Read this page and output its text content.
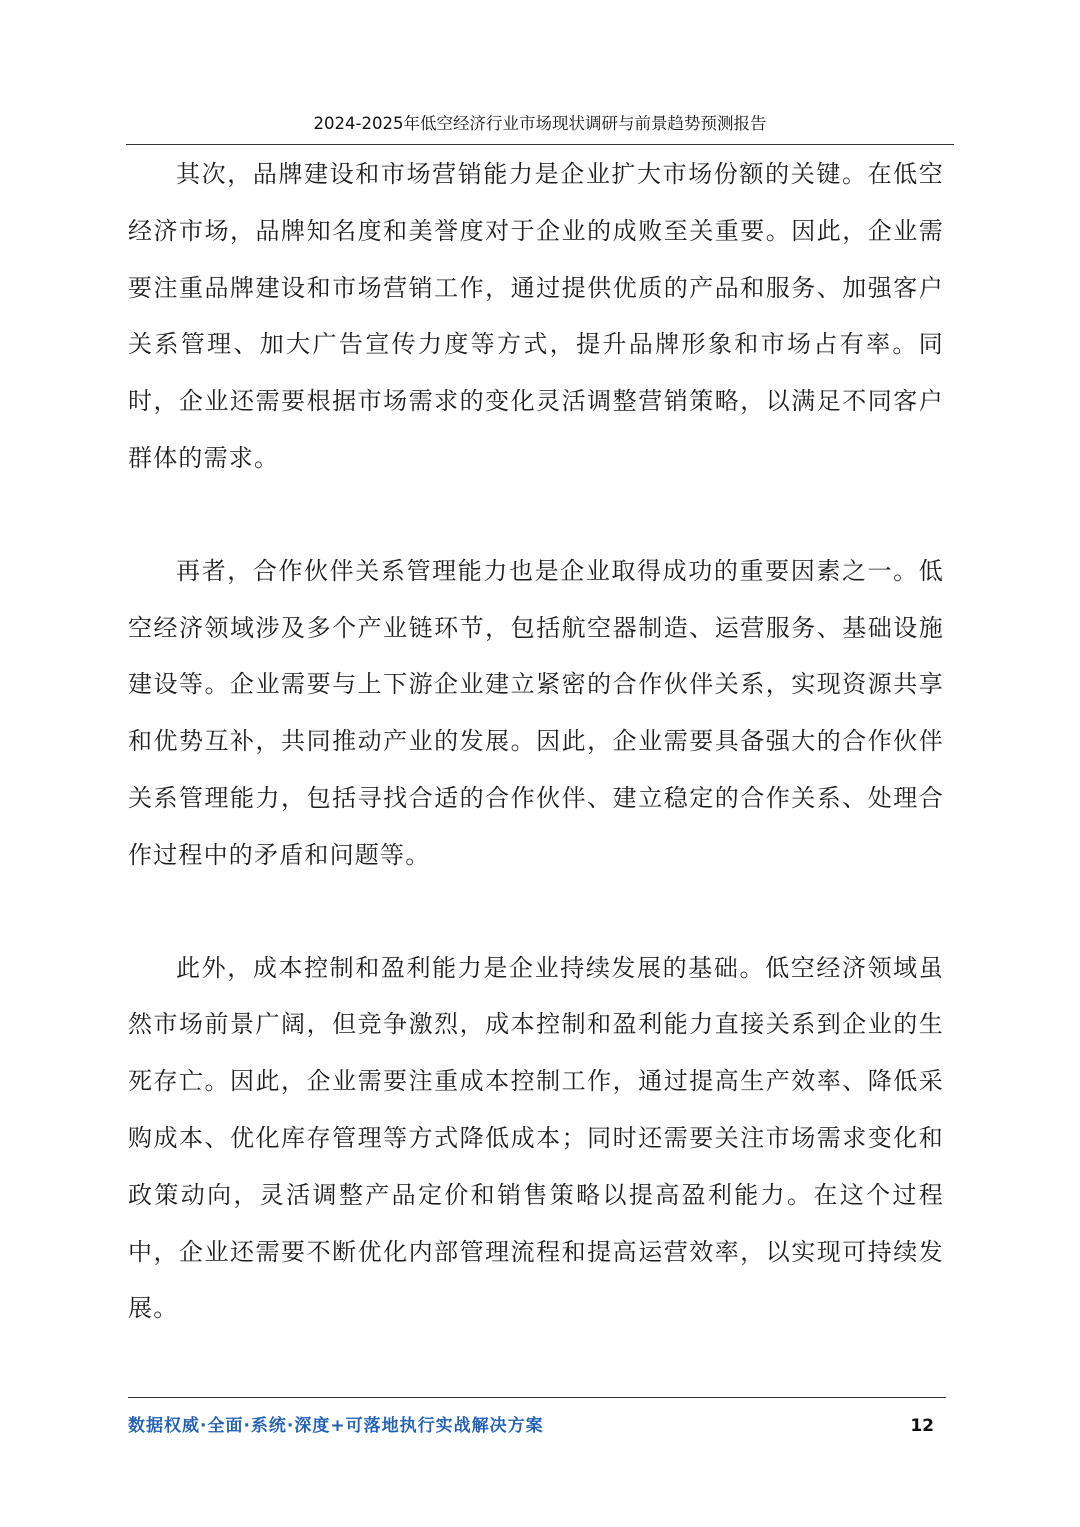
2024-2025年低空经济行业市场现状调研与前景趋势预测报告

其次，品牌建设和市场营销能力是企业扩大市场份额的关键。在低空经济市场，品牌知名度和美誉度对于企业的成败至关重要。因此，企业需要注重品牌建设和市场营销工作，通过提供优质的产品和服务、加强客户关系管理、加大广告宣传力度等方式，提升品牌形象和市场占有率。同时，企业还需要根据市场需求的变化灵活调整营销策略，以满足不同客户群体的需求。

再者，合作伙伴关系管理能力也是企业取得成功的重要因素之一。低空经济领域涉及多个产业链环节，包括航空器制造、运营服务、基础设施建设等。企业需要与上下游企业建立紧密的合作伙伴关系，实现资源共享和优势互补，共同推动产业的发展。因此，企业需要具备强大的合作伙伴关系管理能力，包括寻找合适的合作伙伴、建立稳定的合作关系、处理合作过程中的矛盾和问题等。

此外，成本控制和盈利能力是企业持续发展的基础。低空经济领域虽然市场前景广阔，但竞争激烈，成本控制和盈利能力直接关系到企业的生死存亡。因此，企业需要注重成本控制工作，通过提高生产效率、降低采购成本、优化库存管理等方式降低成本；同时还需要关注市场需求变化和政策动向，灵活调整产品定价和销售策略以提高盈利能力。在这个过程中，企业还需要不断优化内部管理流程和提高运营效率，以实现可持续发展。

数据权威·全面·系统·深度+可落地执行实战解决方案	12
